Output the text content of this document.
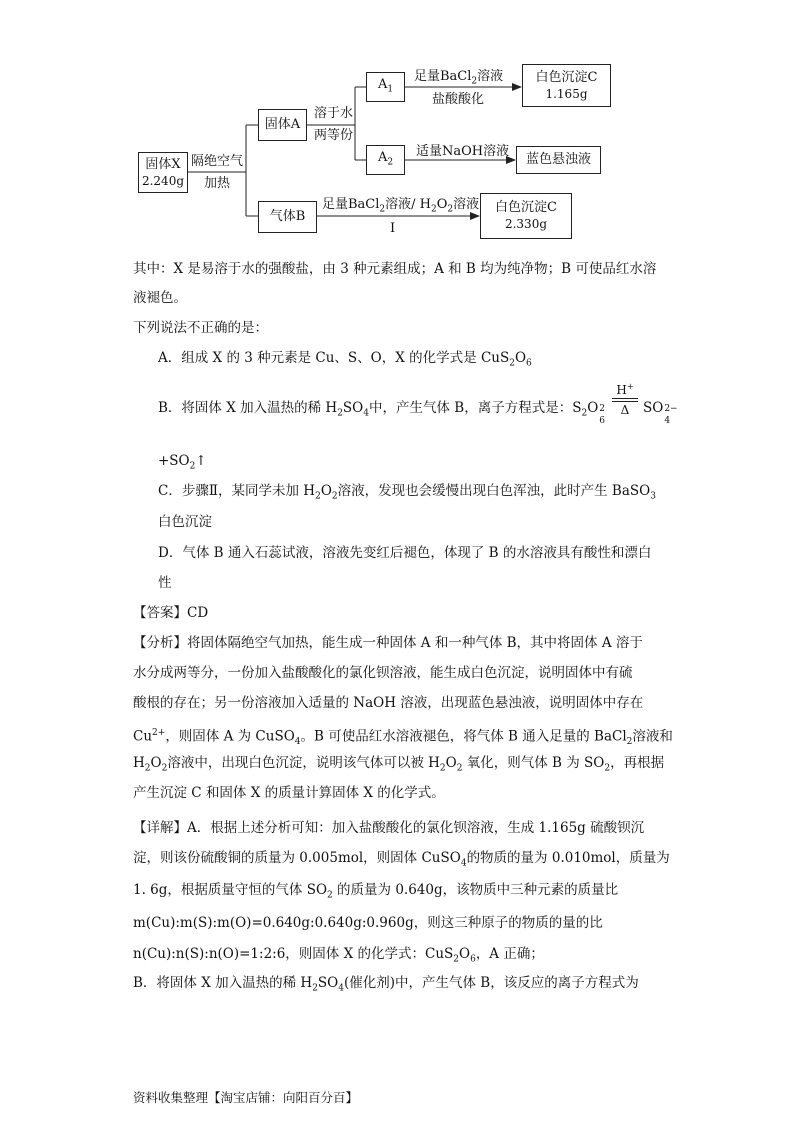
固体X
2.240g
隔绝空气
加热
固体A
溶于水
两等份
$A_1$
$A_2$
足量BaCl$_2$溶液
盐酸酸化
白色沉淀C
1.165g
适量NaOH溶液
蓝色悬浊液
气体B
足量BaCl$_2$溶液/ $H_2O_2$溶液
I
白色沉淀C
2.330g
其中：X 是易溶于水的强酸盐，由 3 种元素组成；A 和 B 均为纯净物；B 可使品红水溶
液褪色。
下列说法不正确的是：
A．组成 X 的 3 种元素是 Cu、S、O，X 的化学式是 $CuS_2O_6$
B．将固体 X 加入温热的稀 $H_2SO_4$中，产生气体 B，离子方程式是：$S_2O$ 2
6
H+
Δ	SO 2−
4
$+SO_2↑$
C．步骤Ⅱ，某同学未加 $H_2O_2$溶液，发现也会缓慢出现白色浑浊，此时产生 BaSO$_3$
白色沉淀
D．气体 B 通入石蕊试液，溶液先变红后褪色，体现了 B 的水溶液具有酸性和漂白
性
【答案】CD
【分析】将固体隔绝空气加热，能生成一种固体 A 和一种气体 B，其中将固体 A 溶于
水分成两等分，一份加入盐酸酸化的氯化钡溶液，能生成白色沉淀，说明固体中有硫
酸根的存在；另一份溶液加入适量的 NaOH 溶液，出现蓝色悬浊液，说明固体中存在
$Cu^{2+}$，则固体 A 为 CuSO$_4$。B 可使品红水溶液褪色，将气体 B 通入足量的 BaCl$_2$溶液和
$H_2O_2$溶液中，出现白色沉淀，说明该气体可以被 $H_2O_2$ 氧化，则气体 B 为 $SO_2$，再根据
产生沉淀 C 和固体 X 的质量计算固体 X 的化学式。
【详解】A．根据上述分析可知：加入盐酸酸化的氯化钡溶液，生成 1.165g 硫酸钡沉
淀，则该份硫酸铜的质量为 0.005mol，则固体 CuSO$_4$的物质的量为 0.010mol，质量为
1. 6g，根据质量守恒的气体 $SO_2$ 的质量为 0.640g，该物质中三种元素的质量比
m(Cu):m(S):m(O)=0.640g:0.640g:0.960g，则这三种原子的物质的量的比
n(Cu):n(S):n(O)=1:2:6，则固体 X 的化学式：$CuS_2O_6$，A 正确；
B．将固体 X 加入温热的稀 $H_2SO_4$(催化剂)中，产生气体 B，该反应的离子方程式为
资料收集整理【淘宝店铺：向阳百分百】
